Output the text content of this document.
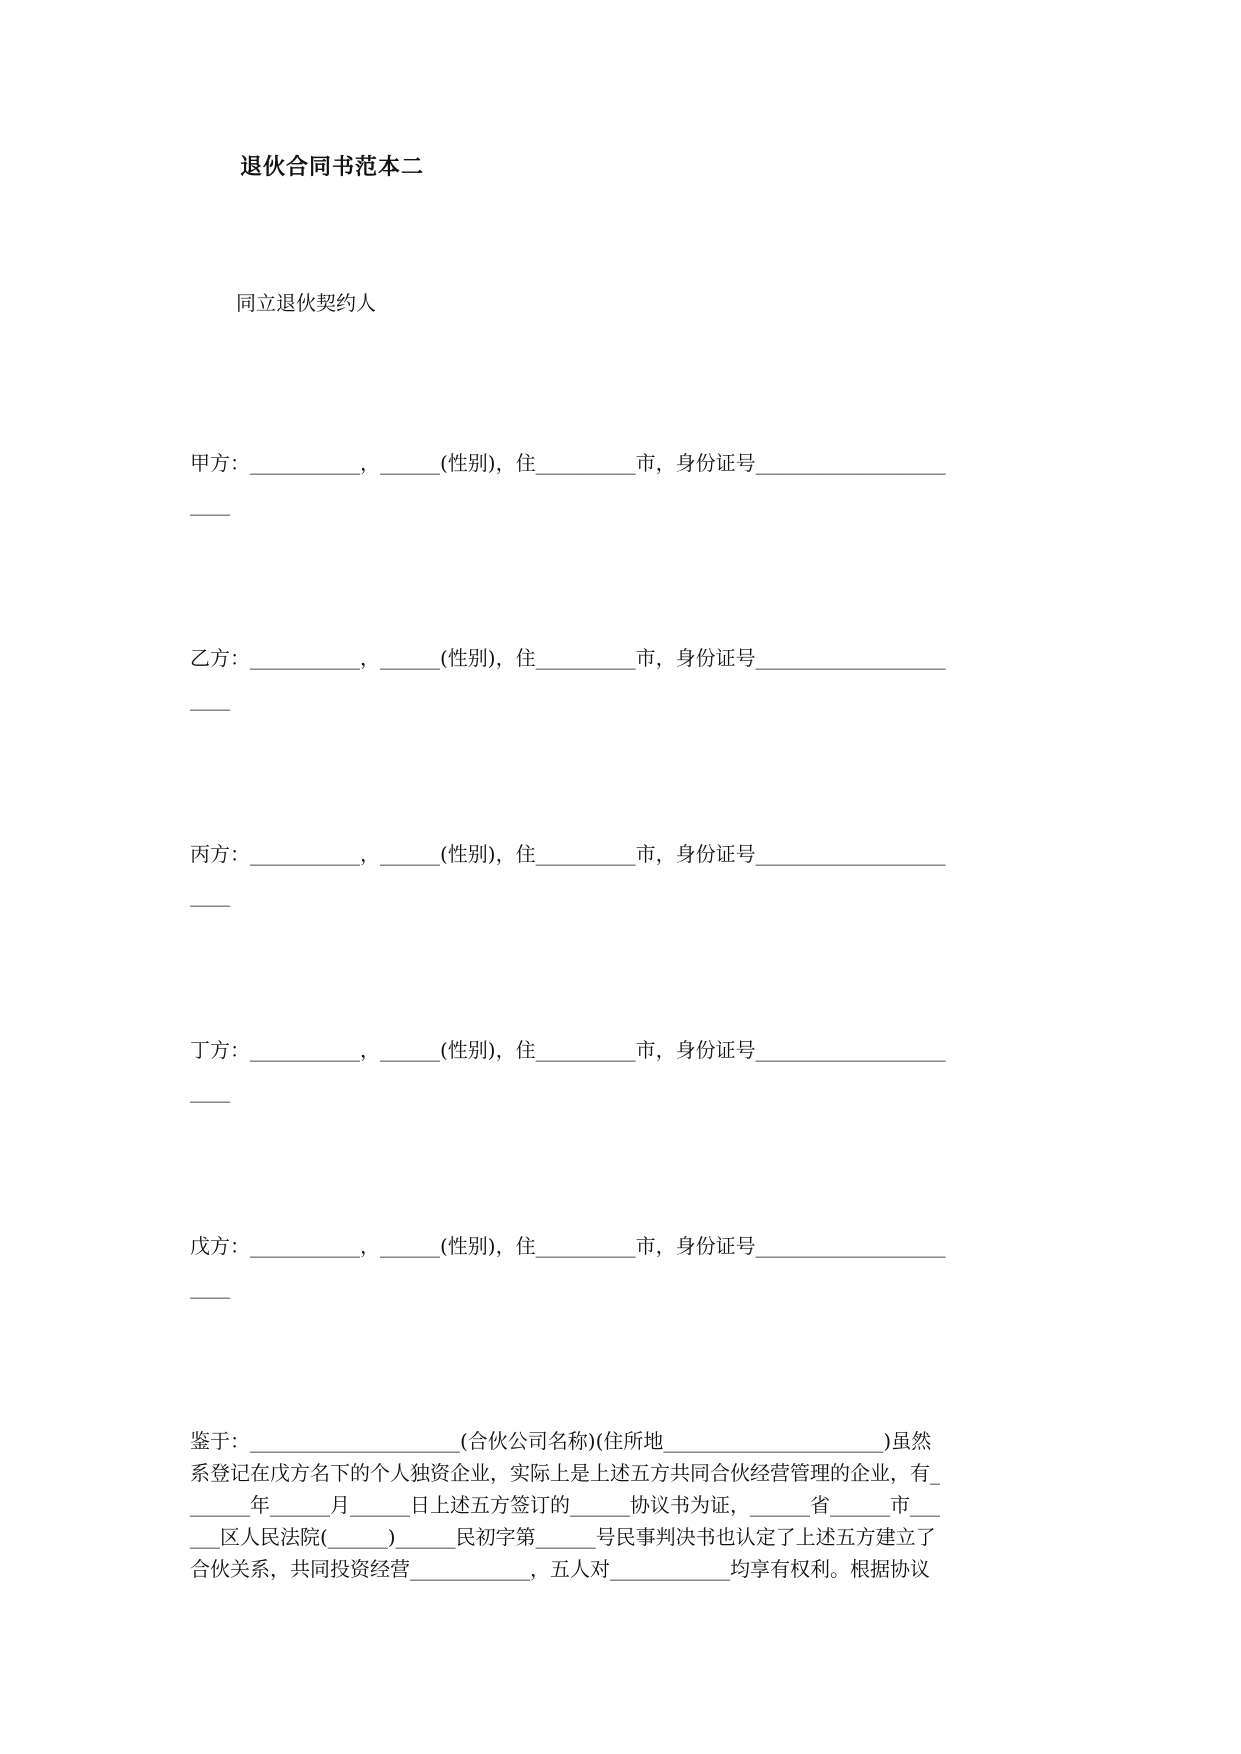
退伙合同书范本二
同立退伙契约人
甲方：___________，______(性别)，住__________市，身份证号___________________
____
乙方：___________，______(性别)，住__________市，身份证号___________________
____
丙方：___________，______(性别)，住__________市，身份证号___________________
____
丁方：___________，______(性别)，住__________市，身份证号___________________
____
戊方：___________，______(性别)，住__________市，身份证号___________________
____
鉴于：_____________________(合伙公司名称)(住所地______________________)虽然
系登记在戊方名下的个人独资企业，实际上是上述五方共同合伙经营管理的企业，有_
______年______月______日上述五方签订的______协议书为证，______省______市___
___区人民法院(______)______民初字第______号民事判决书也认定了上述五方建立了
合伙关系，共同投资经营____________，五人对____________均享有权利。根据协议
